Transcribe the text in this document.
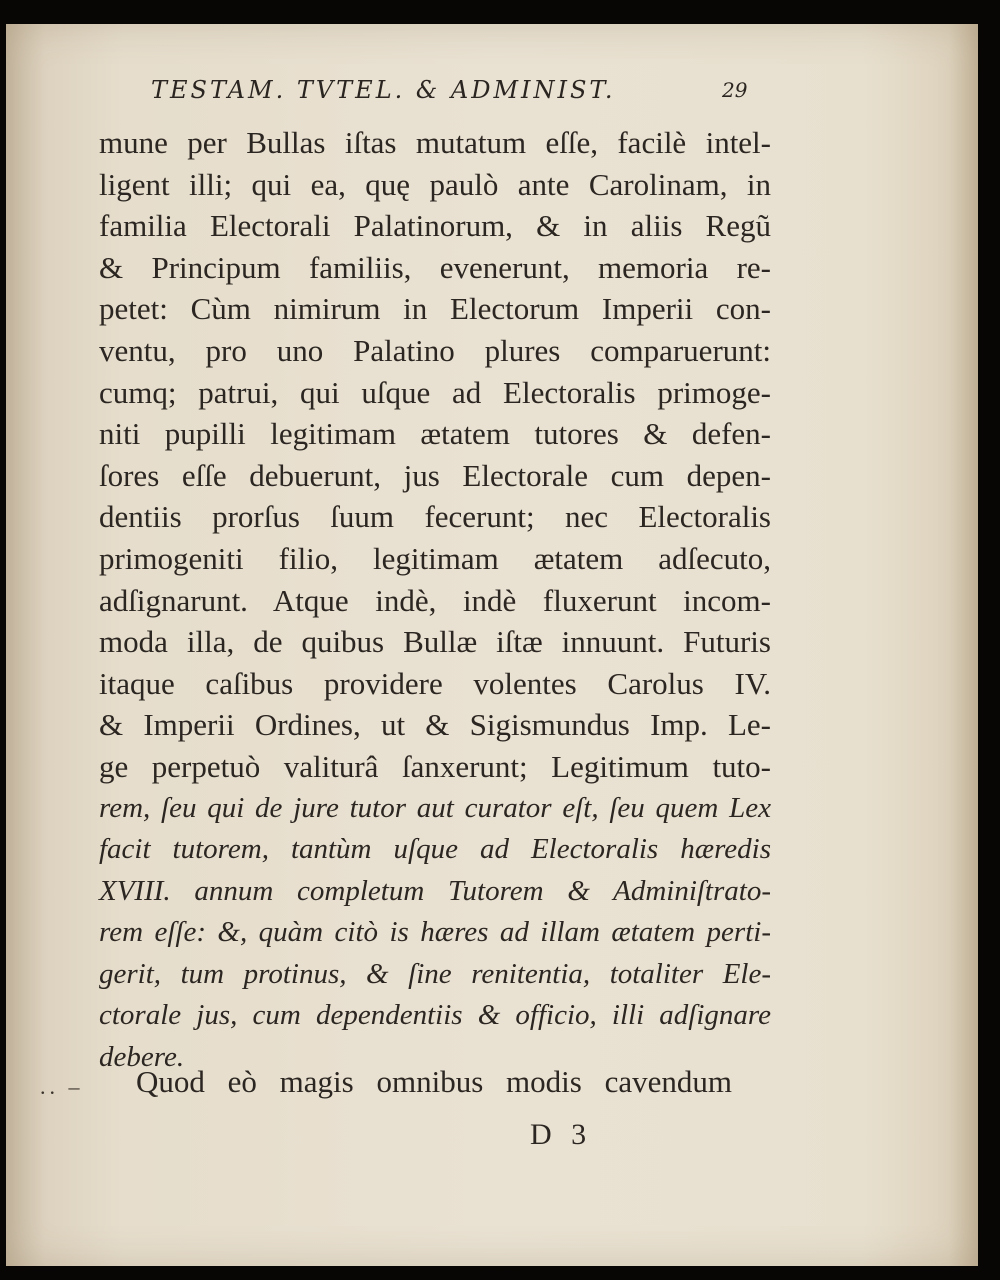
TESTAM. TVTEL. & ADMINIST.	29
mune per Bullas iſtas mutatum eſſe, facilè intel-
ligent illi; qui ea, quę paulò ante Carolinam, in
familia Electorali Palatinorum, & in aliis Regũ
& Principum familiis, evenerunt, memoria re-
petet: Cùm nimirum in Electorum Imperii con-
ventu, pro uno Palatino plures comparuerunt:
cumq; patrui, qui uſque ad Electoralis primoge-
niti pupilli legitimam ætatem tutores & defen-
ſores eſſe debuerunt, jus Electorale cum depen-
dentiis prorſus ſuum fecerunt; nec Electoralis
primogeniti filio, legitimam ætatem adſecuto,
adſignarunt. Atque indè, indè fluxerunt incom-
moda illa, de quibus Bullæ iſtæ innuunt. Futuris
itaque caſibus providere volentes Carolus IV.
& Imperii Ordines, ut & Sigismundus Imp. Le-
ge perpetuò valiturâ ſanxerunt; Legitimum tuto-
rem, ſeu qui de jure tutor aut curator eſt, ſeu quem Lex
facit tutorem, tantùm uſque ad Electoralis hæredis
XVIII. annum completum Tutorem & Adminiſtrato-
rem eſſe: &, quàm citò is hæres ad illam ætatem perti-
gerit, tum protinus, & ſine renitentia, totaliter Ele-
ctorale jus, cum dependentiis & officio, illi adſignare
debere.
.. –	Quod eò magis omnibus modis cavendum
D 3
